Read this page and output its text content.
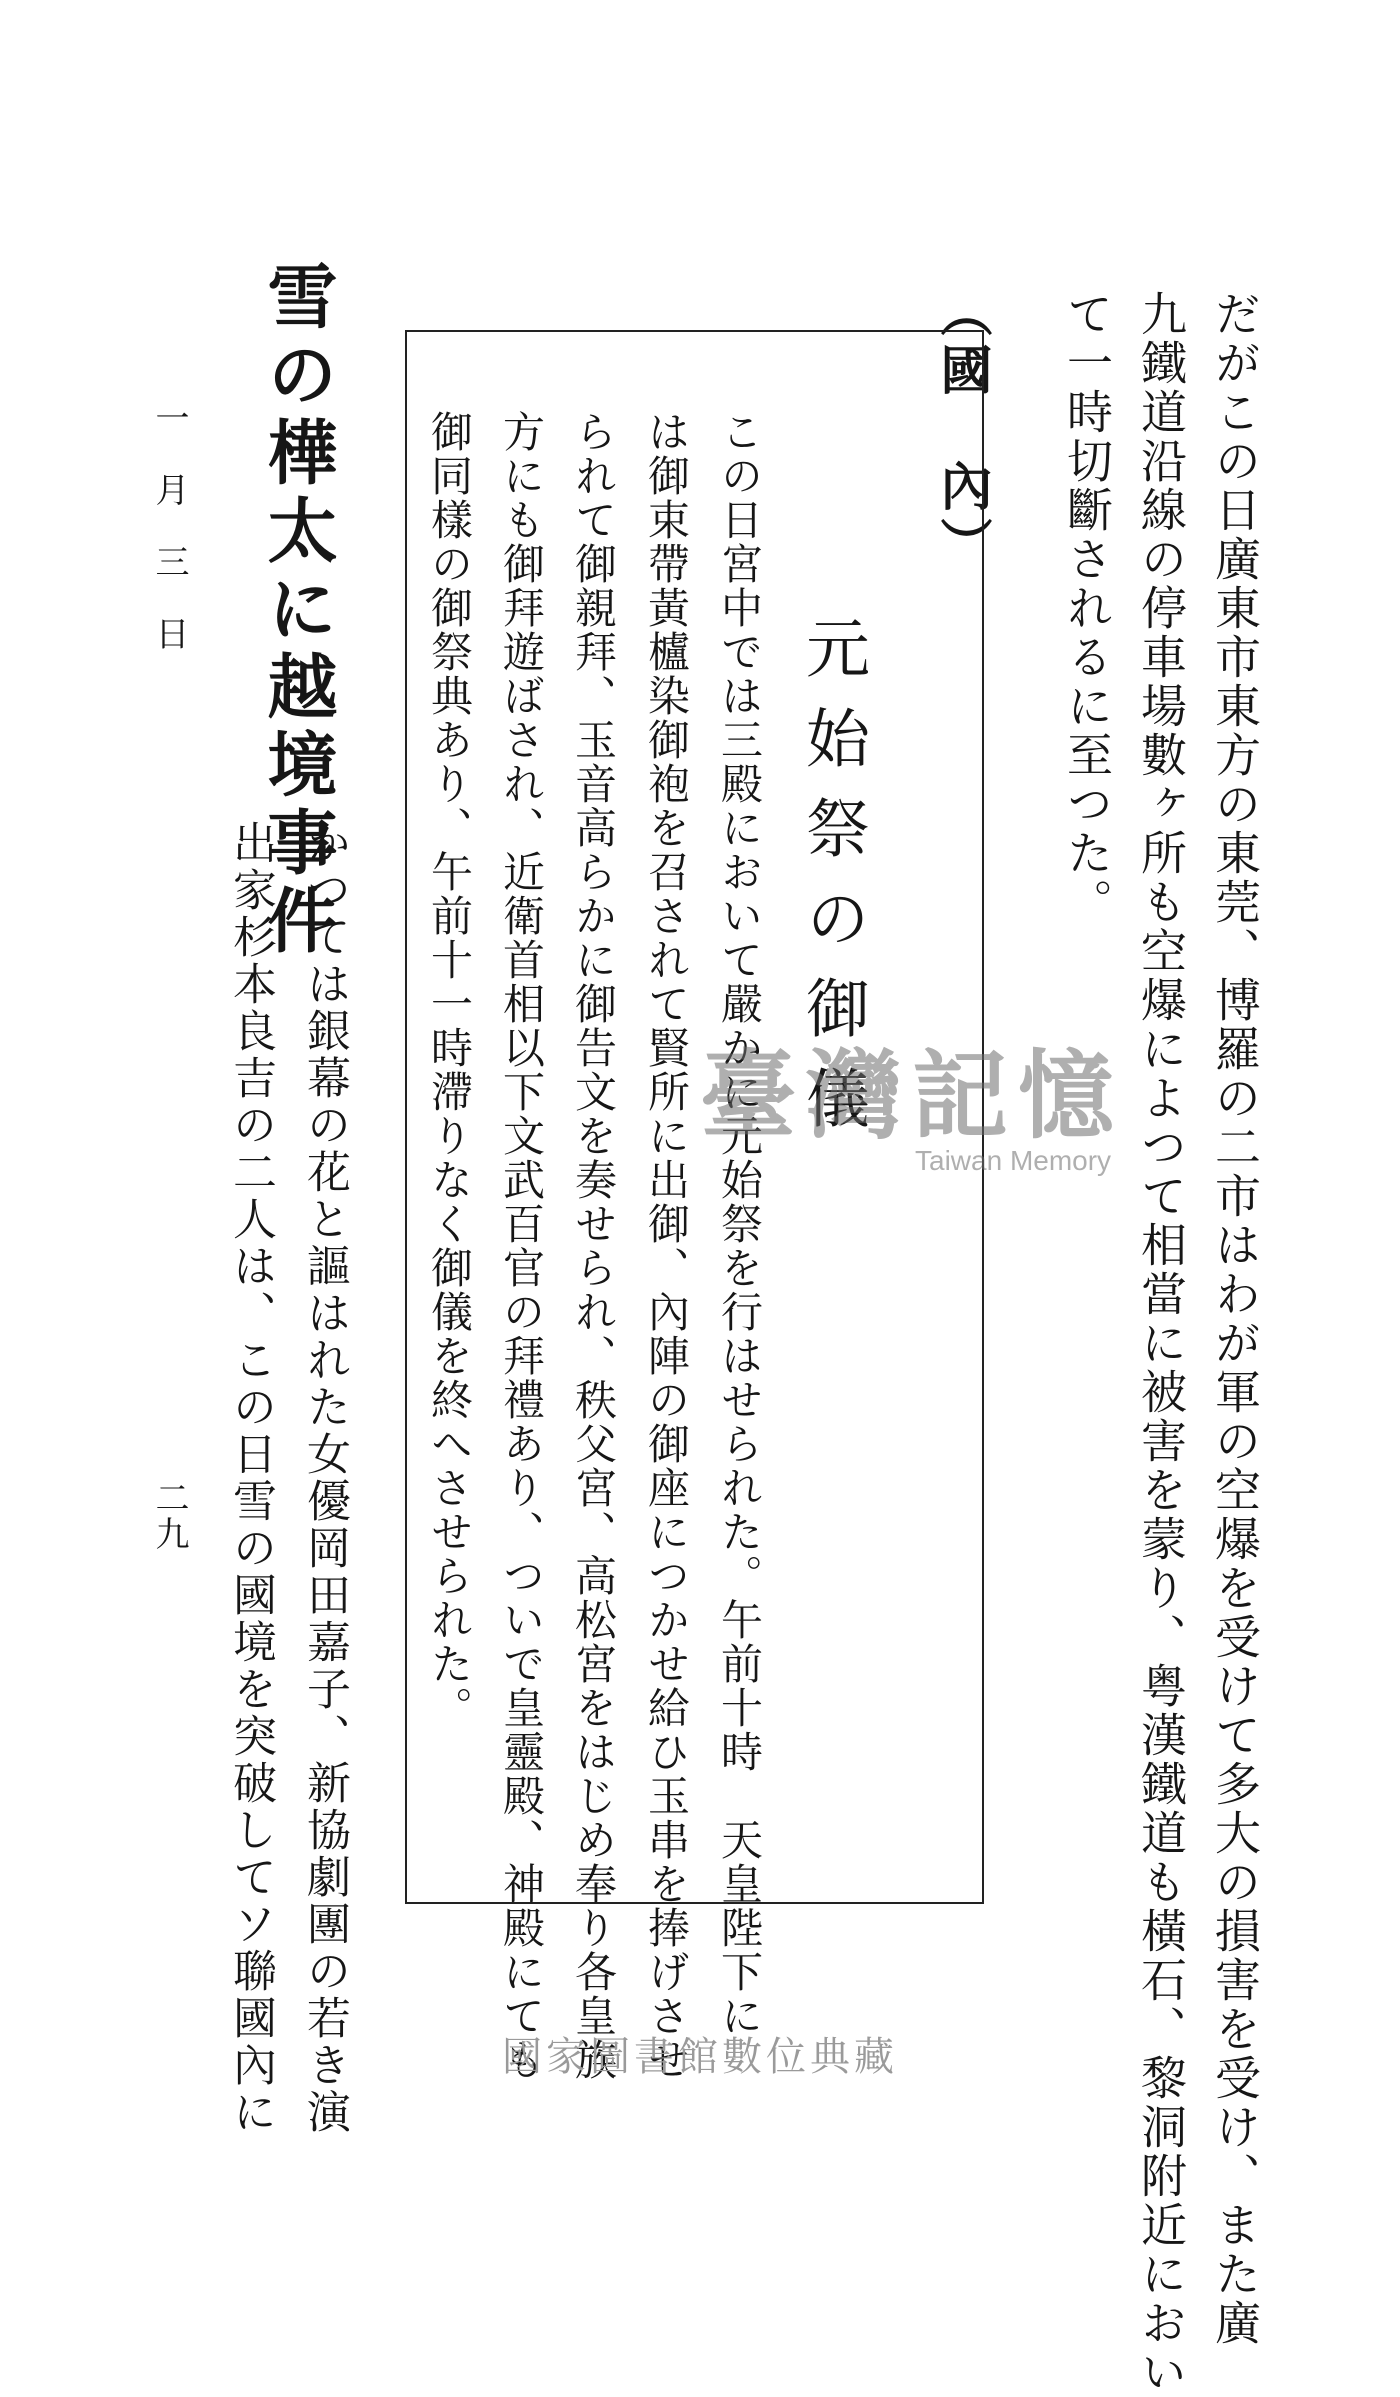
だがこの日廣東市東方の東莞、博羅の二市はわが軍の空爆を受けて多大の損害を受け、また廣
九鐵道沿線の停車場數ヶ所も空爆によつて相當に被害を蒙り、粤漢鐵道も橫石、黎洞附近におい
て一時切斷されるに至つた。
（國　內）
元始祭の御儀
この日宮中では三殿において嚴かに元始祭を行はせられた。午前十時　天皇陛下に
は御束帶黃櫨染御袍を召されて賢所に出御、內陣の御座につかせ給ひ玉串を捧げさせ
られて御親拜、玉音高らかに御告文を奏せられ、秩父宮、高松宮をはじめ奉り各皇族
方にも御拜遊ばされ、近衛首相以下文武百官の拜禮あり、ついで皇靈殿、神殿にても
御同樣の御祭典あり、午前十一時滯りなく御儀を終へさせられた。
雪の樺太に越境事件
一月三日
かつては銀幕の花と謳はれた女優岡田嘉子、新協劇團の若き演
出家杉本良吉の二人は、この日雪の國境を突破してソ聯國內に
二九
臺灣記憶
Taiwan Memory
國家圖書館數位典藏
